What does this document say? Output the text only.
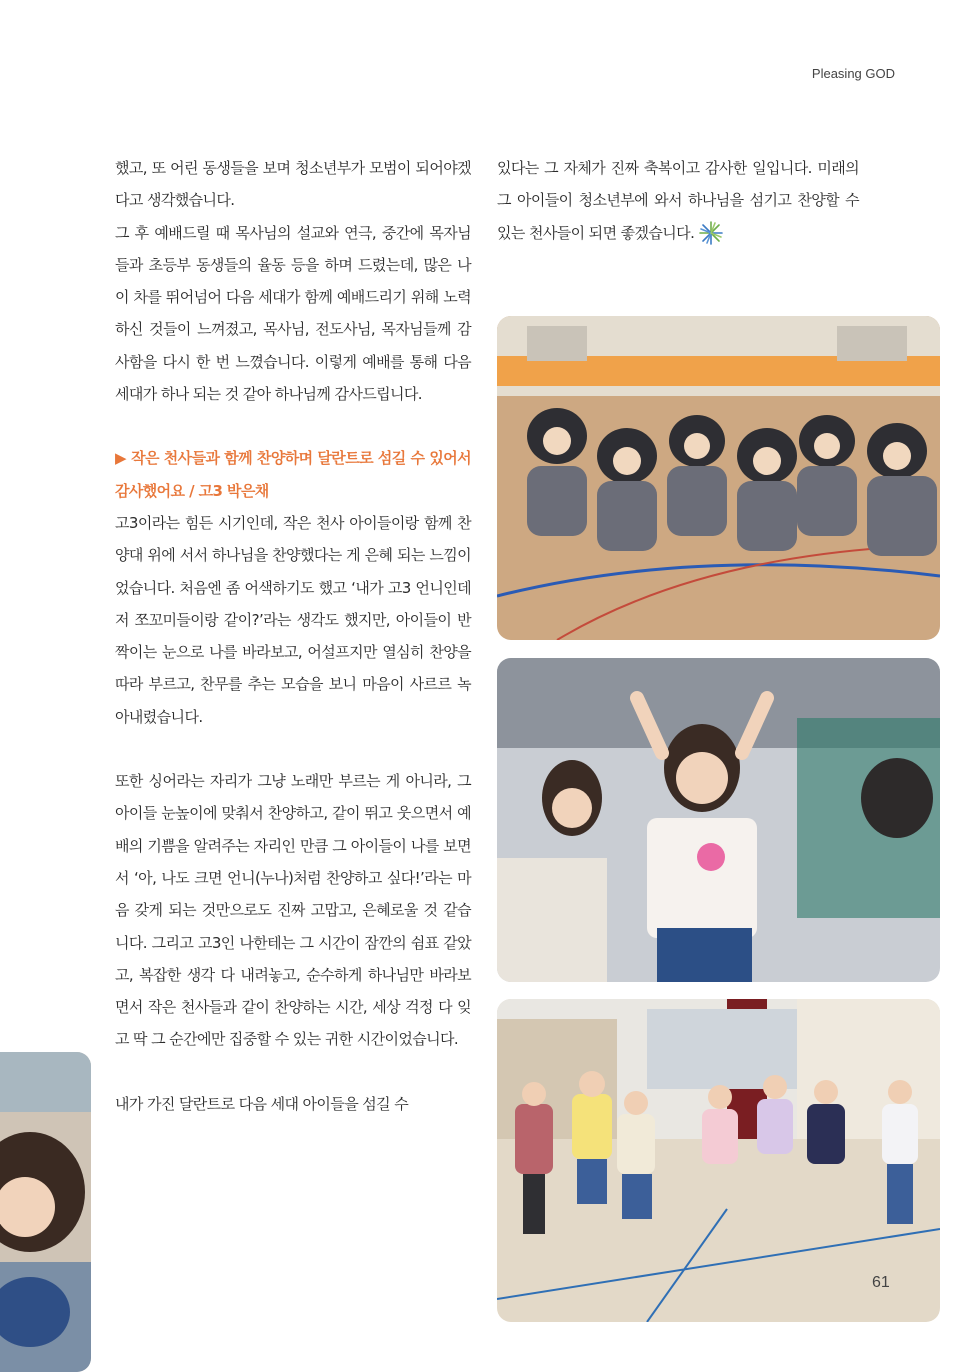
Pleasing GOD

했고, 또 어린 동생들을 보며 청소년부가 모범이 되어야겠다고 생각했습니다.

그 후 예배드릴 때 목사님의 설교와 연극, 중간에 목자님들과 초등부 동생들의 율동 등을 하며 드렸는데, 많은 나이 차를 뛰어넘어 다음 세대가 함께 예배드리기 위해 노력하신 것들이 느껴졌고, 목사님, 전도사님, 목자님들께 감사함을 다시 한 번 느꼈습니다. 이렇게 예배를 통해 다음 세대가 하나 되는 것 같아 하나님께 감사드립니다.

▶ 작은 천사들과 함께 찬양하며 달란트로 섬길 수 있어서 감사했어요 / 고3 박은채

고3이라는 힘든 시기인데, 작은 천사 아이들이랑 함께 찬양대 위에 서서 하나님을 찬양했다는 게 은혜 되는 느낌이었습니다. 처음엔 좀 어색하기도 했고 ‘내가 고3 언니인데 저 쪼꼬미들이랑 같이?’라는 생각도 했지만, 아이들이 반짝이는 눈으로 나를 바라보고, 어설프지만 열심히 찬양을 따라 부르고, 찬무를 추는 모습을 보니 마음이 사르르 녹아내렸습니다.

또한 싱어라는 자리가 그냥 노래만 부르는 게 아니라, 그 아이들 눈높이에 맞춰서 찬양하고, 같이 뛰고 웃으면서 예배의 기쁨을 알려주는 자리인 만큼 그 아이들이 나를 보면서 ‘아, 나도 크면 언니(누나)처럼 찬양하고 싶다!’라는 마음 갖게 되는 것만으로도 진짜 고맙고, 은혜로울 것 같습니다. 그리고 고3인 나한테는 그 시간이 잠깐의 쉼표 같았고, 복잡한 생각 다 내려놓고, 순수하게 하나님만 바라보면서 작은 천사들과 같이 찬양하는 시간, 세상 걱정 다 잊고 딱 그 순간에만 집중할 수 있는 귀한 시간이었습니다.

내가 가진 달란트로 다음 세대 아이들을 섬길 수

있다는 그 자체가 진짜 축복이고 감사한 일입니다. 미래의 그 아이들이 청소년부에 와서 하나님을 섬기고 찬양할 수 있는 천사들이 되면 좋겠습니다.

61
